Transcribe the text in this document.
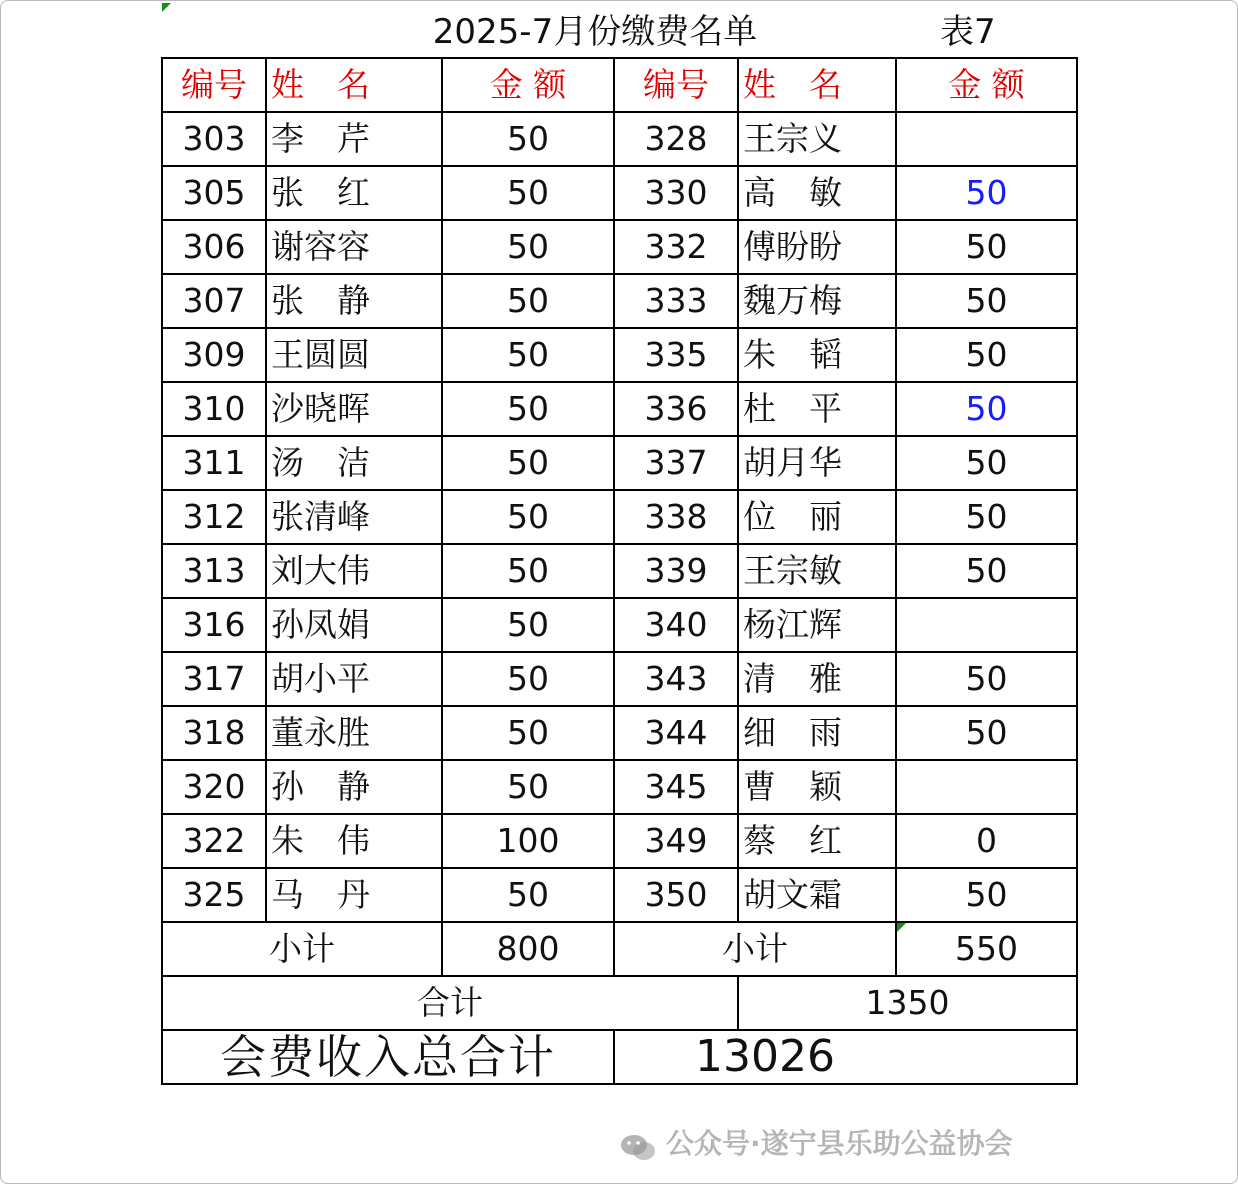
2025-7月份缴费名单	表7
编号	姓　名	金 额	编号	姓　名	金 额
303	李　芹	50	328	王宗义	
305	张　红	50	330	高　敏	50
306	谢容容	50	332	傅盼盼	50
307	张　静	50	333	魏万梅	50
309	王圆圆	50	335	朱　韬	50
310	沙晓晖	50	336	杜　平	50
311	汤　洁	50	337	胡月华	50
312	张清峰	50	338	位　丽	50
313	刘大伟	50	339	王宗敏	50
316	孙凤娟	50	340	杨江辉	
317	胡小平	50	343	清　雅	50
318	董永胜	50	344	细　雨	50
320	孙　静	50	345	曹　颖	
322	朱　伟	100	349	蔡　红	0
325	马　丹	50	350	胡文霜	50
小计		800	小计		550
合计				1350	
会费收入总合计			13026		
公众号·遂宁县乐助公益协会
